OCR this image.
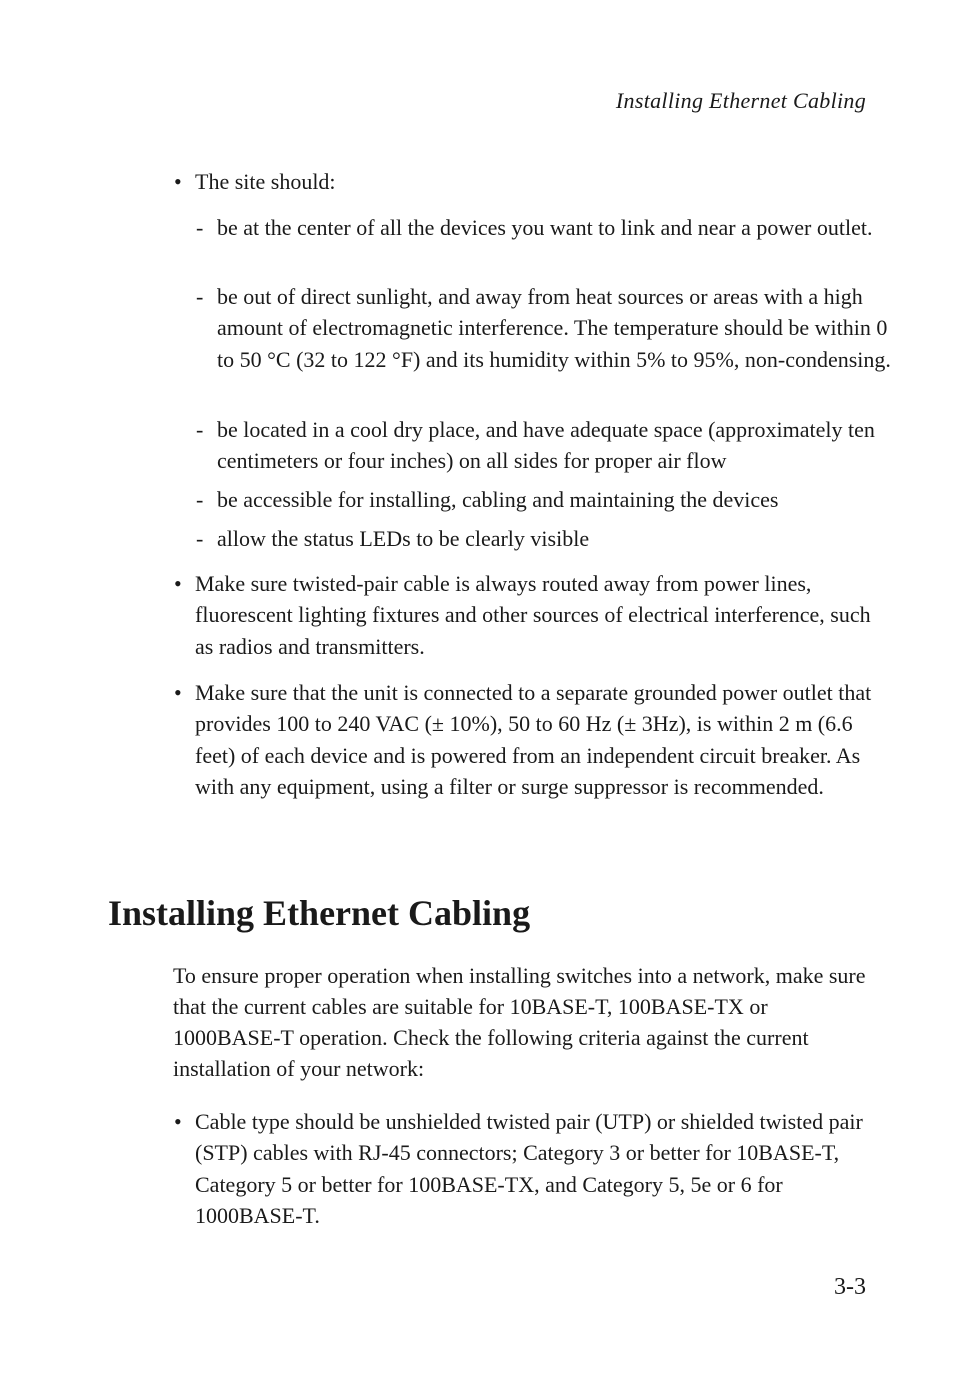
Installing Ethernet Cabling
• The site should:
- be at the center of all the devices you want to link and near a power outlet.
- be out of direct sunlight, and away from heat sources or areas with a high amount of electromagnetic interference. The temperature should be within 0 to 50 °C (32 to 122 °F) and its humidity within 5% to 95%, non-condensing.
- be located in a cool dry place, and have adequate space (approximately ten centimeters or four inches) on all sides for proper air flow
- be accessible for installing, cabling and maintaining the devices
- allow the status LEDs to be clearly visible
• Make sure twisted-pair cable is always routed away from power lines, fluorescent lighting fixtures and other sources of electrical interference, such as radios and transmitters.
• Make sure that the unit is connected to a separate grounded power outlet that provides 100 to 240 VAC (± 10%), 50 to 60 Hz (± 3Hz), is within 2 m (6.6 feet) of each device and is powered from an independent circuit breaker. As with any equipment, using a filter or surge suppressor is recommended.
Installing Ethernet Cabling
To ensure proper operation when installing switches into a network, make sure that the current cables are suitable for 10BASE-T, 100BASE-TX or 1000BASE-T operation. Check the following criteria against the current installation of your network:
• Cable type should be unshielded twisted pair (UTP) or shielded twisted pair (STP) cables with RJ-45 connectors; Category 3 or better for 10BASE-T, Category 5 or better for 100BASE-TX, and Category 5, 5e or 6 for 1000BASE-T.
3-3
